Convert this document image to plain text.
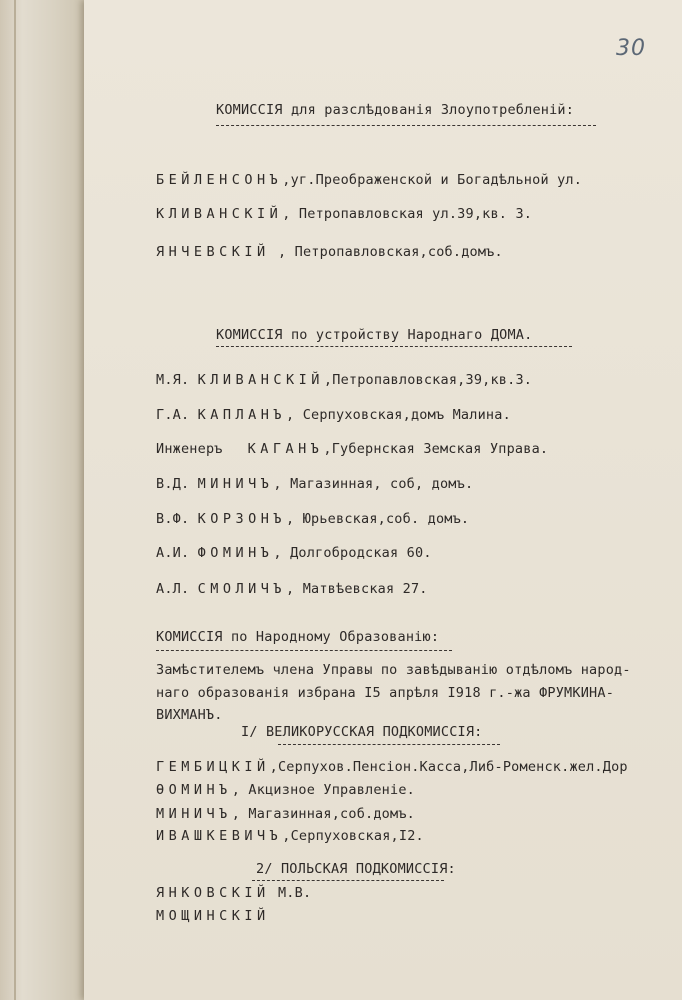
30
КОМИССІЯ для разслѣдованія Злоупотребленій:
БЕЙЛЕНСОНЪ,уг.Преображенской и Богадѣльной ул.
КЛИВАНСКІЙ, Петропавловская ул.39,кв. 3.
ЯНЧЕВСКІЙ , Петропавловская,соб.домъ.
КОМИССІЯ по устройству Народнаго ДОМА.
М.Я. КЛИВАНСКІЙ,Петропавловская,39,кв.3.
Г.А. КАПЛАНЪ, Серпуховская,домъ Малина.
Инженеръ КАГАНЪ,Губернская Земская Управа.
В.Д. МИНИЧЪ, Магазинная, соб, домъ.
В.Ф. КОРЗОНЪ, Юрьевская,соб. домъ.
А.И. ФОМИНЪ, Долгобродская 60.
А.Л. СМОЛИЧЪ, Матвѣевская 27.
КОМИССІЯ по Народному Образованію:
Замѣстителемъ члена Управы по завѣдыванію отдѣломъ народ-
наго образованія избрана I5 апрѣля I918 г.-жа ФРУМКИНА-
ВИХМАНЪ.
I/ ВЕЛИКОРУССКАЯ ПОДКОМИССІЯ:
ГЕМБИЦКІЙ,Серпухов.Пенсіон.Касса,Либ-Роменск.жел.Дор
ѲОМИНЪ, Акцизное Управленіе.
МИНИЧЪ, Магазинная,соб.домъ.
ИВАШКЕВИЧЪ,Серпуховская,I2.
2/ ПОЛЬСКАЯ ПОДКОМИССІЯ:
ЯНКОВСКІЙ М.В.
МОЩИНСКІЙ
